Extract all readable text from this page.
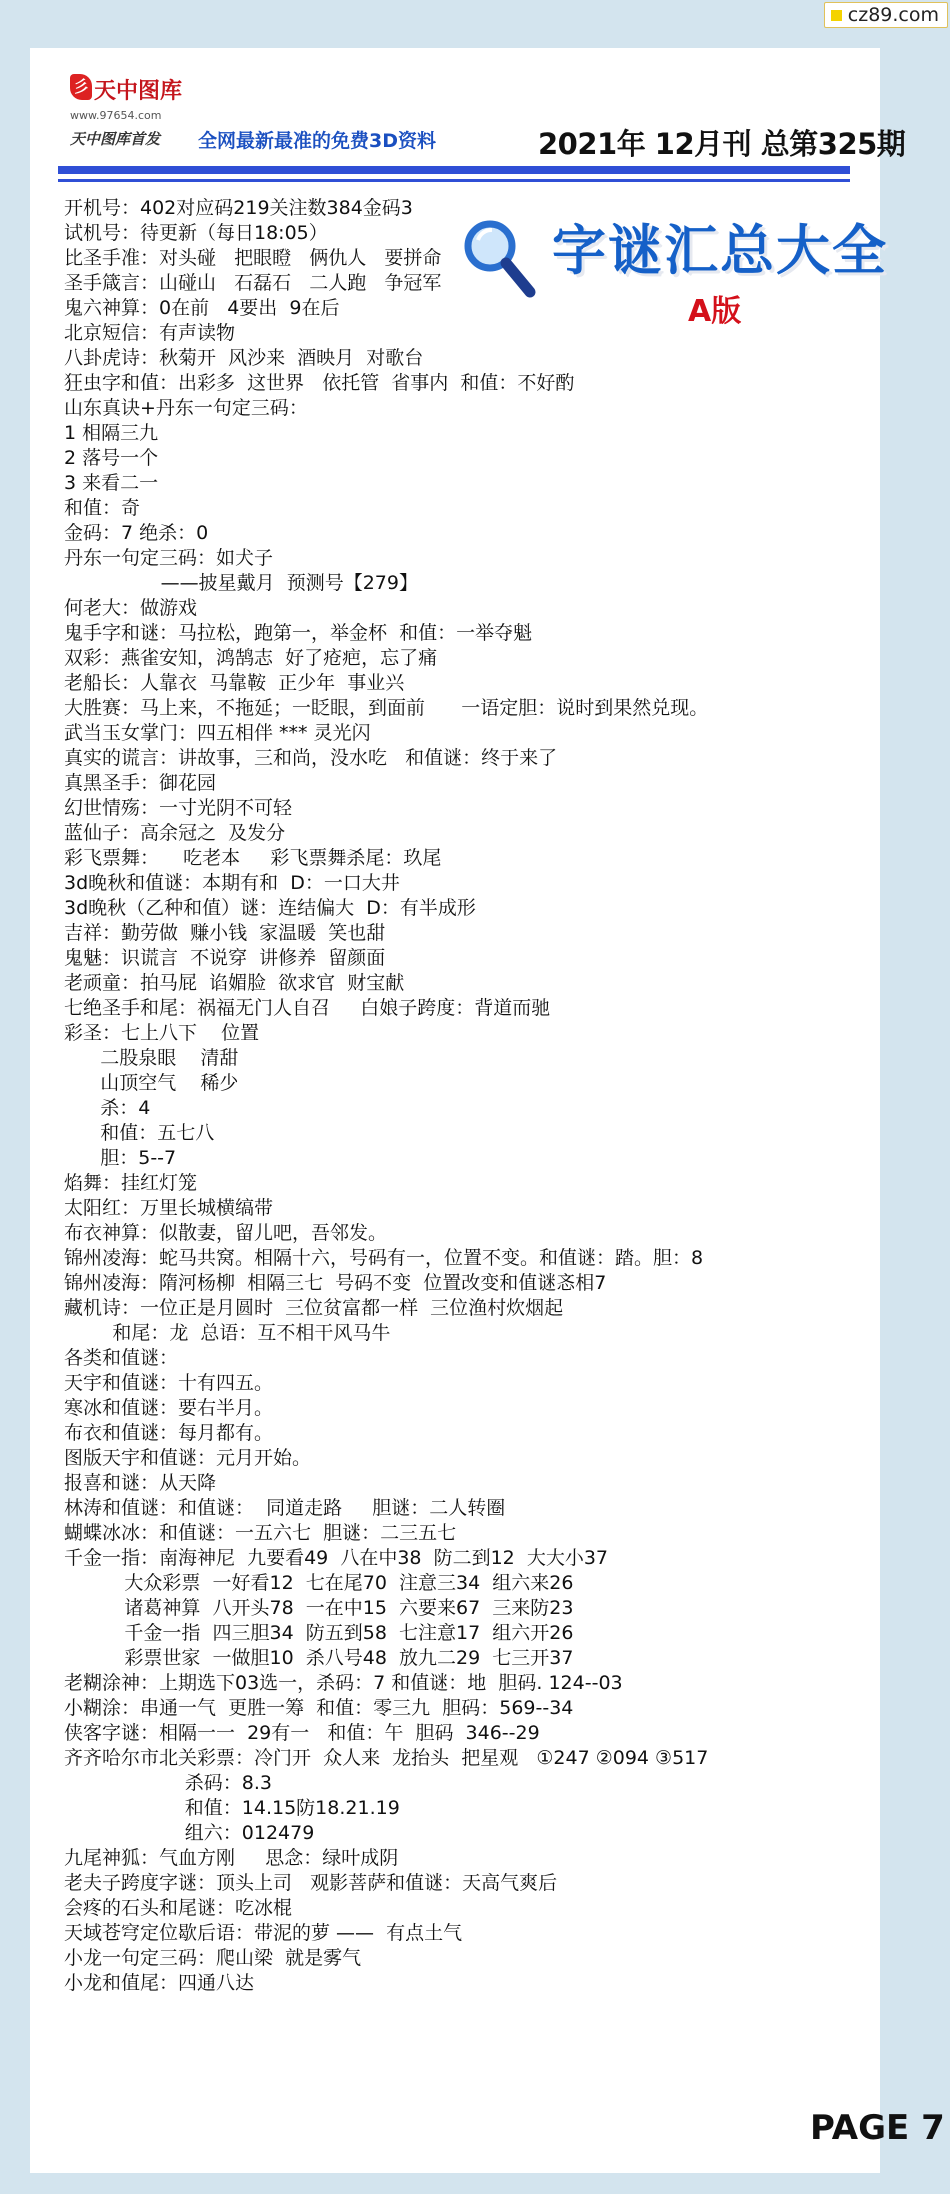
cz89.com
彡 天中图库
www.97654.com
天中图库首发 全网最新最准的免费3D资料	2021年 12月刊 总第325期
字谜汇总大全
A版
开机号：402对应码219关注数384金码3
试机号：待更新（每日18:05）
比圣手准：对头碰   把眼瞪   俩仇人   要拼命
圣手箴言：山碰山   石磊石   二人跑   争冠军
鬼六神算：0在前   4要出  9在后
北京短信：有声读物
八卦虎诗：秋菊开  风沙来  酒映月  对歌台
狂虫字和值：出彩多  这世界   依托管  省事内  和值：不好酌
山东真诀+丹东一句定三码：
1 相隔三九
2 落号一个
3 来看二一
和值：奇
金码：7 绝杀：0
丹东一句定三码：如犬子
——披星戴月  预测号【279】
何老大：做游戏
鬼手字和谜：马拉松，跑第一，举金杯  和值：一举夺魁
双彩：燕雀安知，鸿鹄志  好了疮疤，忘了痛
老船长：人靠衣  马靠鞍  正少年  事业兴
大胜赛：马上来，不拖延；一眨眼，到面前      一语定胆：说时到果然兑现。
武当玉女掌门：四五相伴 *** 灵光闪
真实的谎言：讲故事，三和尚，没水吃   和值谜：终于来了
真黑圣手：御花园
幻世情殇：一寸光阴不可轻
蓝仙子：高余冠之  及发分
彩飞票舞：    吃老本     彩飞票舞杀尾：玖尾
3d晚秋和值谜：本期有和  D：一口大井
3d晚秋（乙种和值）谜：连结偏大  D：有半成形
吉祥：勤劳做  赚小钱  家温暖  笑也甜
鬼魅：识谎言  不说穿  讲修养  留颜面
老顽童：拍马屁  谄媚脸  欲求官  财宝献
七绝圣手和尾：祸福无门人自召     白娘子跨度：背道而驰
彩圣：七上八下    位置
二股泉眼    清甜
山顶空气    稀少
杀：4
和值：五七八
胆：5--7
焰舞：挂红灯笼
太阳红：万里长城横缟带
布衣神算：似散妻，留儿吧，吾邻发。
锦州凌海：蛇马共窝。相隔十六，号码有一，位置不变。和值谜：踏。胆：8
锦州凌海：隋河杨柳  相隔三七  号码不变  位置改变和值谜忞相7
藏机诗：一位正是月圆时  三位贫富都一样  三位渔村炊烟起
和尾：龙  总语：互不相干风马牛
各类和值谜：
天宇和值谜：十有四五。
寒冰和值谜：要右半月。
布衣和值谜：每月都有。
图版天宇和值谜：元月开始。
报喜和谜：从天降
林涛和值谜：和值谜：  同道走路     胆谜：二人转圈
蝴蝶冰冰：和值谜：一五六七  胆谜：二三五七
千金一指：南海神尼  九要看49  八在中38  防二到12  大大小37
大众彩票  一好看12  七在尾70  注意三34  组六来26
诸葛神算  八开头78  一在中15  六要来67  三来防23
千金一指  四三胆34  防五到58  七注意17  组六开26
彩票世家  一做胆10  杀八号48  放九二29  七三开37
老糊涂神：上期选下03选一，杀码：7 和值谜：地  胆码. 124--03
小糊涂：串通一气  更胜一筹  和值：零三九  胆码：569--34
侠客字谜：相隔一一  29有一   和值：午  胆码  346--29
齐齐哈尔市北关彩票：冷门开  众人来  龙抬头  把星观   ①247 ②094 ③517
杀码：8.3
和值：14.15防18.21.19
组六：012479
九尾神狐：气血方刚     思念：绿叶成阴
老夫子跨度字谜：顶头上司   观影菩萨和值谜：天高气爽后
会疼的石头和尾谜：吃冰棍
天域苍穹定位歇后语：带泥的萝 ——  有点土气
小龙一句定三码：爬山梁  就是雾气
小龙和值尾：四通八达
PAGE 7
